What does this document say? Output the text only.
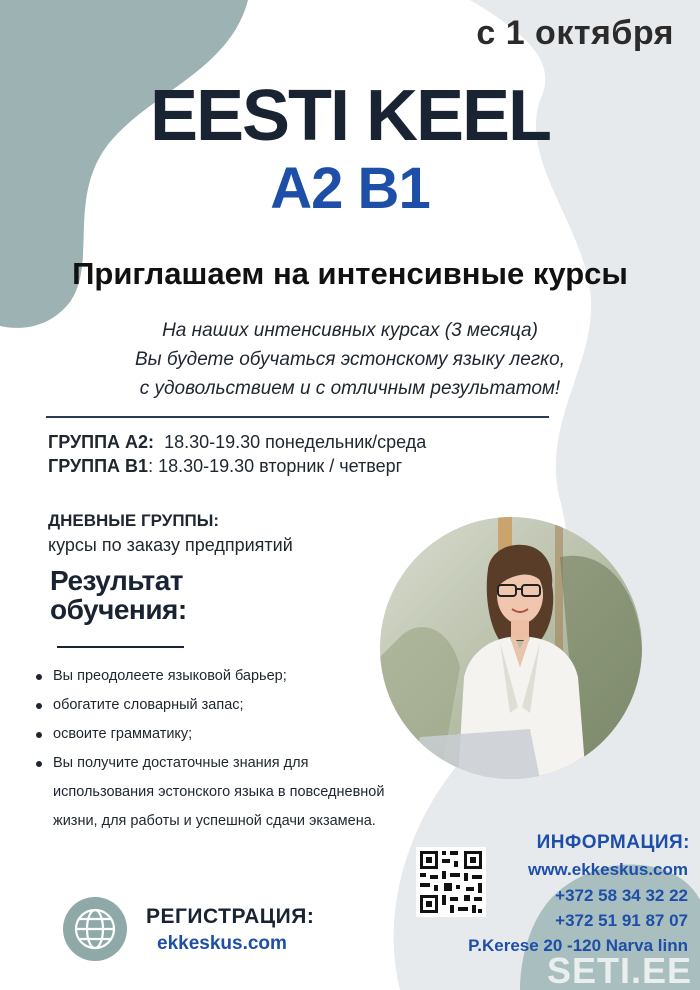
с 1 октября
EESTI KEEL
A2 B1
Приглашаем на интенсивные курсы
На наших интенсивных курсах (3 месяца)
Вы будете обучаться эстонскому языку легко,
с удовольствием и с отличным результатом!
ГРУППА А2: 18.30-19.30 понедельник/среда
ГРУППА В1: 18.30-19.30 вторник / четверг
ДНЕВНЫЕ ГРУППЫ:
курсы по заказу предприятий
Результат
обучения:
Вы преодолеете языковой барьер;
обогатите словарный запас;
освоите грамматику;
Вы получите достаточные знания для использования эстонского языка в повседневной жизни, для работы и успешной сдачи экзамена.
ИНФОРМАЦИЯ:
www.ekkeskus.com
+372 58 34 32 22
+372 51 91 87 07
P.Kerese 20 -120 Narva linn
РЕГИСТРАЦИЯ:
ekkeskus.com
SETI.EE
